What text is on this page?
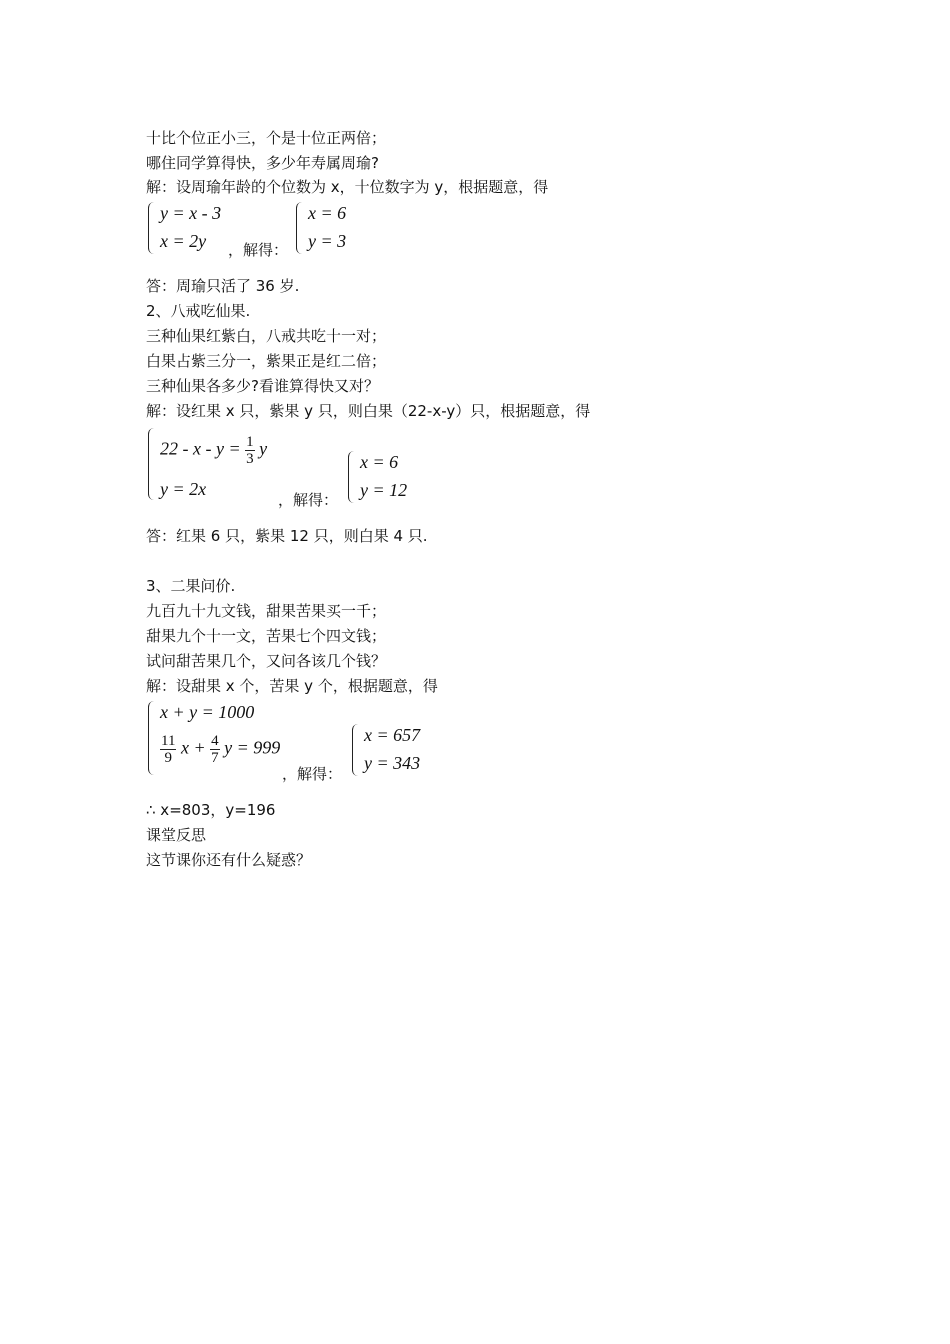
十比个位正小三，个是十位正两倍；
哪住同学算得快，多少年寿属周瑜?
解：设周瑜年龄的个位数为 x，十位数字为 y，根据题意，得
y = x - 3
x = 2y ，解得：
x = 6
y = 3
答：周瑜只活了 36 岁.
2、八戒吃仙果.
三种仙果红紫白，八戒共吃十一对；
白果占紫三分一，紫果正是红二倍；
三种仙果各多少?看谁算得快又对？
解：设红果 x 只，紫果 y 只，则白果（22-x-y）只，根据题意，得
$22 - x - y = \frac{1}{3}$ y
y = 2x
，解得：
x = 6
y = 12
答：红果 6 只，紫果 12 只，则白果 4 只.
3、二果问价.
九百九十九文钱，甜果苦果买一千；
甜果九个十一文，苦果七个四文钱；
试问甜苦果几个，又问各该几个钱？
解：设甜果 x 个，苦果 y 个，根据题意，得
x + y = 1000
$\frac{11}{9}$ $x + \frac{4}{7}$ y = 999
，解得：
x = 657
y = 343
∴ x=803，y=196
课堂反思
这节课你还有什么疑惑？
